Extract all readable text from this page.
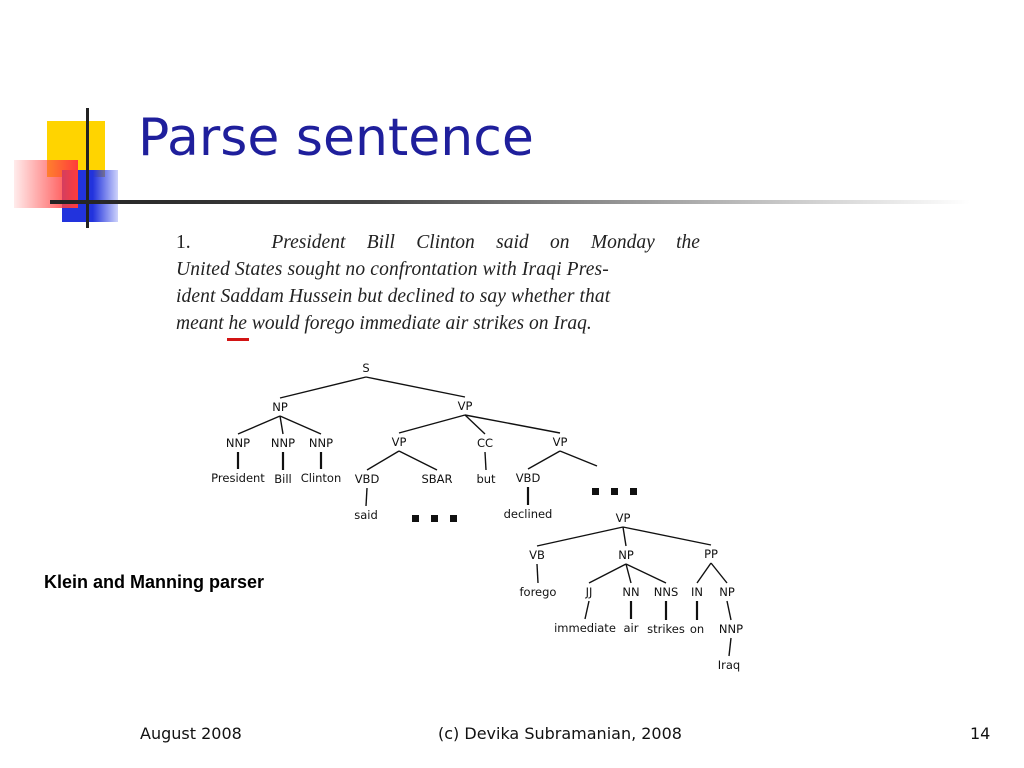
Parse sentence
1.	President Bill Clinton said on Monday the
United States sought no confrontation with Iraqi Pres-
ident Saddam Hussein but declined to say whether that
meant
he
would forego immediate air strikes on Iraq.
S
NP	VP
NNP NNP NNP
President Bill Clinton
VP	CC	VP
VBD	SBAR
said
but VBD
declined	VP
VB	NP	PP
forego	JJ	NN NNS IN NP
immediate air strikes on NNP
Iraq
Klein and Manning parser
August 2008	(c) Devika Subramanian, 2008	14
